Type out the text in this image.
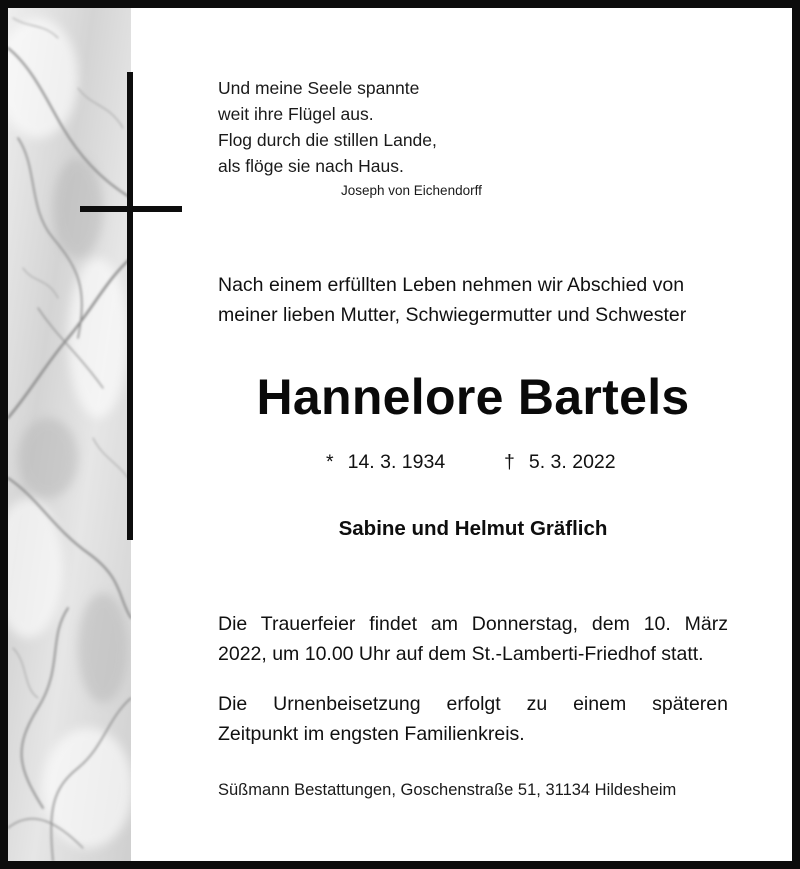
Und meine Seele spannte
weit ihre Flügel aus.
Flog durch die stillen Lande,
als flöge sie nach Haus.
Joseph von Eichendorff
Nach einem erfüllten Leben nehmen wir Abschied von
meiner lieben Mutter, Schwiegermutter und Schwester
Hannelore Bartels
* 14. 3. 1934	† 5. 3. 2022
Sabine und Helmut Gräflich
Die Trauerfeier findet am Donnerstag, dem 10. März
2022, um 10.00 Uhr auf dem St.-Lamberti-Friedhof statt.
Die Urnenbeisetzung erfolgt zu einem späteren
Zeitpunkt im engsten Familienkreis.
Süßmann Bestattungen, Goschenstraße 51, 31134 Hildesheim
